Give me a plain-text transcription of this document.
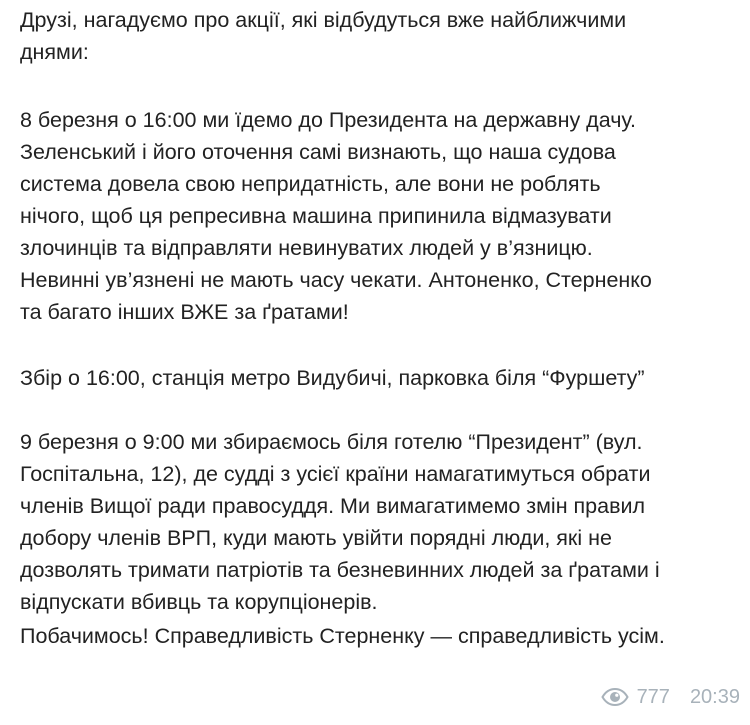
Друзі, нагадуємо про акції, які відбудуться вже найближчими
днями:

8 березня о 16:00 ми їдемо до Президента на державну дачу.
Зеленський і його оточення самі визнають, що наша судова
система довела свою непридатність, але вони не роблять
нічого, щоб ця репресивна машина припинила відмазувати
злочинців та відправляти невинуватих людей у в’язницю.
Невинні ув’язнені не мають часу чекати. Антоненко, Стерненко
та багато інших ВЖЕ за ґратами!

Збір о 16:00, станція метро Видубичі, парковка біля “Фуршету”

9 березня о 9:00 ми збираємось біля готелю “Президент” (вул.
Госпітальна, 12), де судді з усієї країни намагатимуться обрати
членів Вищої ради правосуддя. Ми вимагатимемо змін правил
добору членів ВРП, куди мають увійти порядні люди, які не
дозволять тримати патріотів та безневинних людей за ґратами і
відпускати вбивць та корупціонерів.

Побачимось! Справедливість Стерненку — справедливість усім.

777 20:39
